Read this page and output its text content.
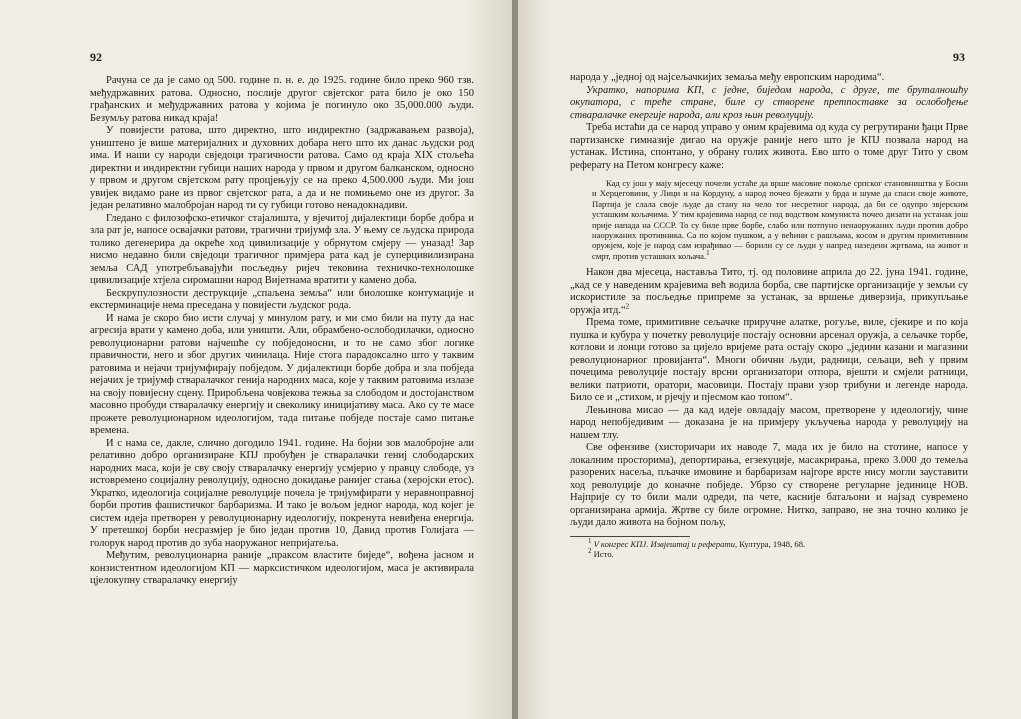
92

Рачуна се да је само од 500. године п. н. е. до 1925. године било преко 960 тзв. међудржавних ратова. Односно, послије другог свјетског рата било је око 150 грађанских и међудржавних ратова у којима је погинуло око 35,000.000 људи. Безумљу ратова никад краја!

У повијести ратова, што директно, што индиректно (задржавањем развоја), уништено је више материјалних и духовних добара него што их данас људски род има. И наши су народи свједоци трагичности ратова. Само од краја XIX стољећа директни и индиректни губици наших народа у првом и другом балканском, односно у првом и другом свјетском рату процјењују се на преко 4,500.000 људи. Ми још увијек видамо ране из првог свјетског рата, а да и не помињемо оне из другог. За један релативно малобројан народ ти су губици готово ненадокнадиви.

Гледано с филозофско-етичког стајалишта, у вјечитој дијалектици борбе добра и зла рат је, напосе освајачки ратови, трагични триjумф зла. У њему се људска природа толико дегенерира да окреће ход цивилизације у обрнутом смјеру — уназад! Зар нисмо недавно били свједоци трагичног примјера рата кад је суперцивилизирана земља САД употребљавајући посљедњу ријеч тековина техничко-технолошке цивилизације хтјела сиромашни народ Вијетнама вратити у камено доба.

Бескрупулозности деструкције „спаљена земља“ или биолошке контумације и екстерминације нема преседана у повијести људског рода.

И нама је скоро био исти случај у минулом рату, и ми смо били на путу да нас агресија врати у камено доба, или уништи. Али, обрамбено-ослободилачки, односно револуционарни ратови најчешће су побједоносни, и то не само због логике правичности, него и због других чинилаца. Није стога парадоксално што у таквим ратовима и нејачи тријумфирају побједом. У дијалектици борбе добра и зла побједа нејачих је тријумф стваралачког генија народних маса, које у таквим ратовима излазе на своју повијесну сцену. Приробљена човјекова тежња за слободом и достојанством масовно пробуди стваралачку енергију и свеколику иницијативу маса. Ако су те масе прожете револуционарном идеологијом, тада питање побједе постаје само питање времена.

И с нама се, дакле, слично догодило 1941. године. На бојни зов малобројне али релативно добро организиране КПЈ пробуђен је стваралачки гениј слободарских народних маса, који је сву своју стваралачку енергију усмјерио у правцу слободе, уз истовремено социјалну револуцију, односно докидање ранијег стања (херојски етос). Укратко, идеологија социјалне револуције почела је тријумфирати у неравноправној борби против фашистичког барбаризма. И тако је вољом једног народа, код којег је систем идеја претворен у револуционарну идеологију, покренута невиђена енергија. У претешкој борби несразмјер је био један против 10, Давид против Голијата — голорук народ против до зуба наоружаног непријатеља.

Међутим, револуционарна раније „праксом властите биједе“, вођена јасном и конзистентном идеологијом КП — марксистичком идеологијом, маса је активирала цјелокупну стваралачку енергију

93

народа у „једној од најсељачкијих земаља међу европским народима“.

Укратко, напорима КП, с једне, биједом народа, с друге, те бруталношћу окупатора, с треће стране, биле су створене претпоставке за ослобођење стваралачке енергије народа, али кроз њин револуцију.

Треба истаћи да се народ управо у оним крајевима од куда су регрутирани ђаци Прве партизанске гимназије дигао на оружје раније него што је КПЈ позвала народ на устанак. Истина, спонтано, у обрану голих живота. Ево што о томе друг Тито у свом реферату на Петом конгресу каже:

Кад су још у мају мјесецу почели устаће да врше масовне покоље српског становништва у Босни и Херцеговини, у Лици и на Кордуну, а народ почео бјежати у брда и шуме да спаси своје животе, Партија је слала своје људе да стану на чело тог несретног народа, да би се одупро звјерским усташким кољачима. У тим крајевима народ се под водством комуниста почео дизати на устанак још прије напада на СССР. То су биле прве борбе, слабо или потпуно ненаоружаних људи против добро наоружаних противника. Са по којом пушком, а у већини с рашљама, косом и другим примитивним оружјем, које је народ сам израђивао — борили су се људи у напред назедени жртвама, на живот и смрт, против усташких кољача.$^1$

Након два мјесеца, наставља Тито, тј. од половине априла до 22. јуна 1941. године, „кад се у наведеним крајевима већ водила борба, све партијске организације у земљи су искористиле за посљедње припреме за устанак, за вршење диверзија, прикупљање оружја итд.“$^2$

Према томе, примитивне сељачке приручне алатке, рогуље, виле, сјекире и по која пушка и кубура у почетку револуције постају основни арсенал оружја, а сељачке торбе, котлови и лонци готово за цијело вријеме рата остају скоро „једини казани и магазини револуционарног провијанта“. Многи обични људи, радници, сељаци, већ у првим почецима револуције постају врсни организатори отпора, вјешти и смјели ратници, велики патриоти, оратори, масовици. Постају прави узор трибуни и легенде народа. Било се и „стихом, и рјечју и пјесмом као топом“.

Лењинова мисао — да кад идеје овладају масом, претворене у идеологију, чине народ непобједивим — доказана је на примјеру укључења народа у револуцију на нашем тлу.

Све офензиве (хисторичари их наводе 7, мада их је било на стотине, напосе у локалним просторима), депортирања, егзекуције, масакрирања, преко 3.000 до темеља разорених насеља, пљачке имовине и барбаризам најгоре врсте нису могли зауставити ход револуције до коначне побједе. Убрзо су створене регуларне јединице НОВ. Најприје су то били мали одреди, па чете, касније батаљони и најзад сувремено организирана армија. Жртве су биле огромне. Нитко, заправо, не зна точно колико је људи дало живота на бојном пољу,

$^1$ V конгрес КПЈ. Извјештај и реферати, Култура, 1948, 68.
$^2$ Исто.
